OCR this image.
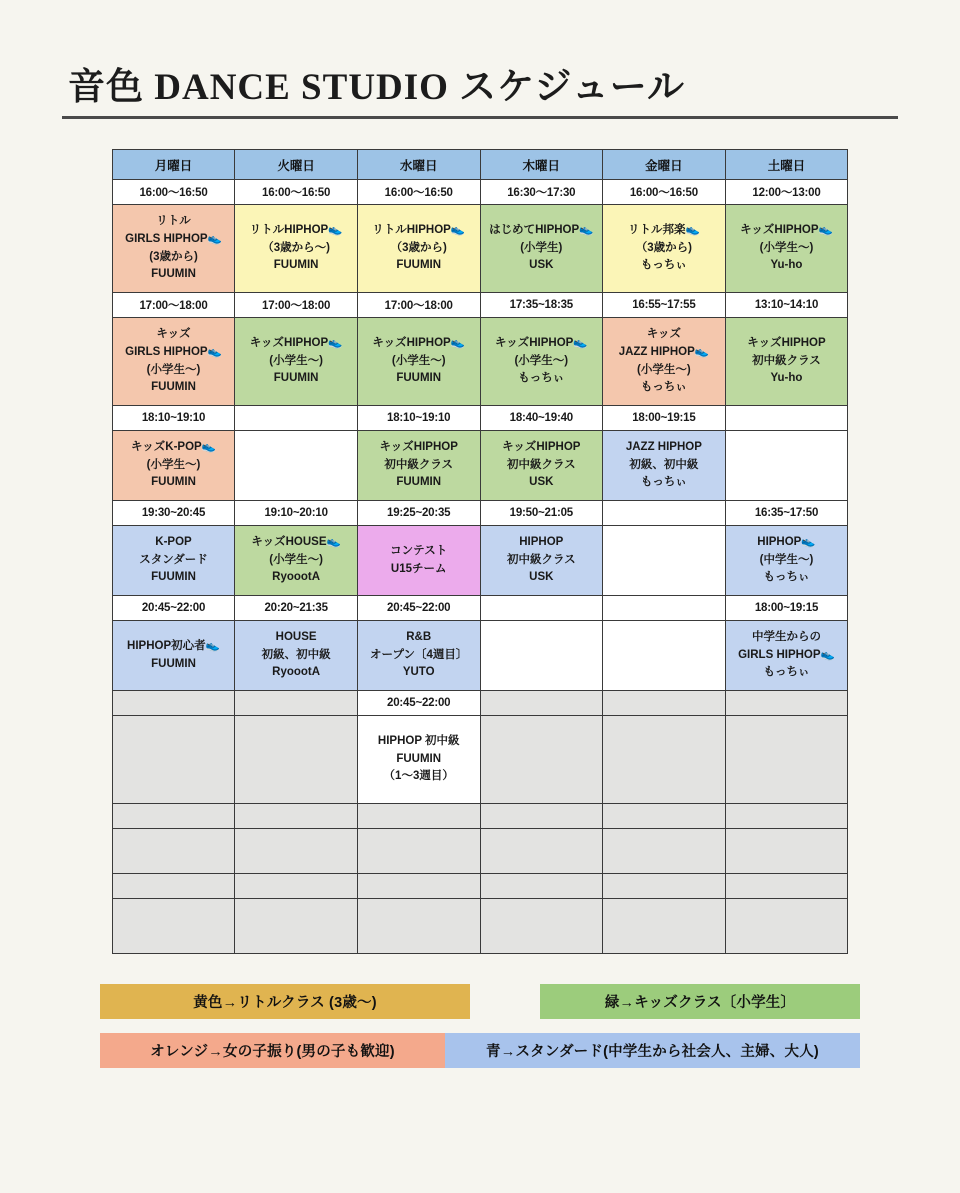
音色 DANCE STUDIO スケジュール
月曜日	火曜日	水曜日	木曜日	金曜日	土曜日
16:00〜16:50	16:00〜16:50	16:00〜16:50	16:30〜17:30	16:00〜16:50	12:00〜13:00

リトル
GIRLS HIPHOP👟
(3歳から)
FUUMIN	リトルHIPHOP👟
（3歳から〜)
FUUMIN	リトルHIPHOP👟
（3歳から)
FUUMIN	はじめてHIPHOP👟
(小学生)
USK	リトル邦楽👟
（3歳から)
もっちぃ	キッズHIPHOP👟
(小学生〜)
Yu-ho

17:00〜18:00	17:00〜18:00	17:00〜18:00	17:35~18:35	16:55~17:55	13:10~14:10

キッズ
GIRLS HIPHOP👟
(小学生〜)
FUUMIN	キッズHIPHOP👟
(小学生〜)
FUUMIN	キッズHIPHOP👟
(小学生〜)
FUUMIN	キッズHIPHOP👟
(小学生〜)
もっちぃ	キッズ
JAZZ HIPHOP👟
(小学生〜)
もっちぃ	キッズHIPHOP
初中級クラス
Yu-ho

18:10~19:10		18:10~19:10	18:40~19:40	18:00~19:15	

キッズK-POP👟
(小学生〜)
FUUMIN		キッズHIPHOP
初中級クラス
FUUMIN	キッズHIPHOP
初中級クラス
USK	JAZZ HIPHOP
初級、初中級
もっちぃ	

19:30~20:45	19:10~20:10	19:25~20:35	19:50~21:05		16:35~17:50

K-POP
スタンダード
FUUMIN	キッズHOUSE👟
(小学生〜)
RyoootA	コンテスト
U15チーム	HIPHOP
初中級クラス
USK		HIPHOP👟
(中学生〜)
もっちぃ

20:45~22:00	20:20~21:35	20:45~22:00			18:00~19:15

HIPHOP初心者👟
FUUMIN	HOUSE
初級、初中級
RyoootA	R&B
オープン〔4週目〕
YUTO			中学生からの
GIRLS HIPHOP👟
もっちぃ

		20:45~22:00			

		HIPHOP 初中級
FUUMIN
（1〜3週目）			

黄色→リトルクラス (3歳〜)	緑→キッズクラス〔小学生〕
オレンジ→女の子振り(男の子も歓迎)	青→スタンダード(中学生から社会人、主婦、大人)
